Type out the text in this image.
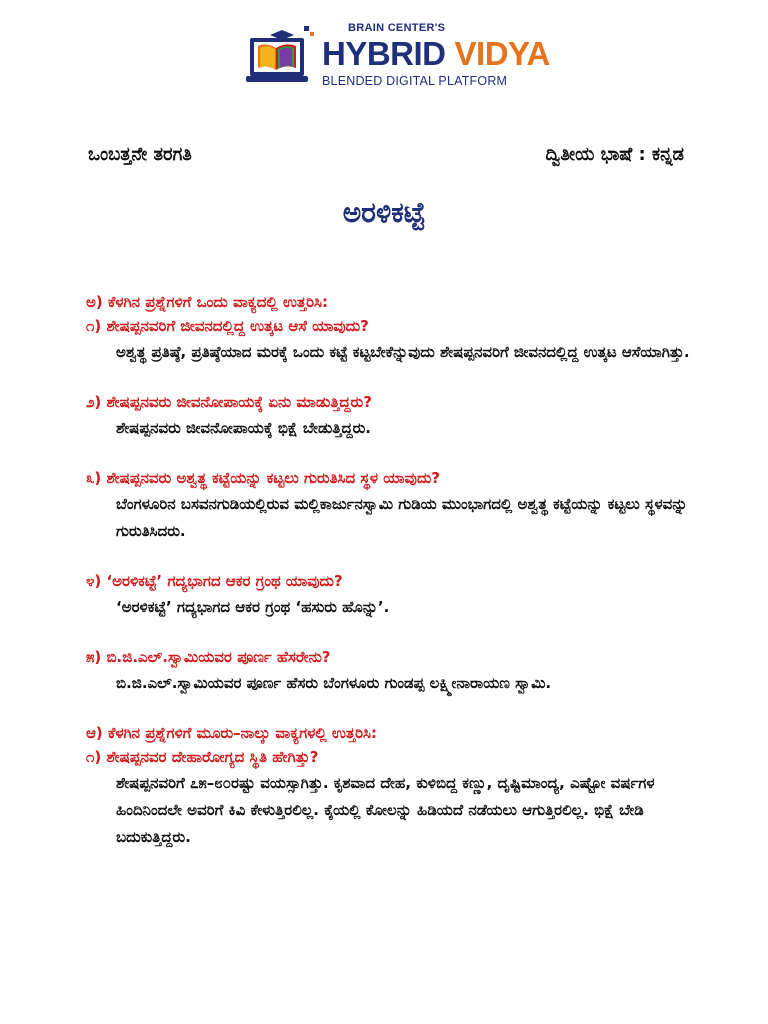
BRAIN CENTER'S
HYBRID VIDYA
BLENDED DIGITAL PLATFORM
ಒಂಬತ್ತನೇ ತರಗತಿ	ದ್ವಿತೀಯ ಭಾಷೆ : ಕನ್ನಡ
ಅರಳಿಕಟ್ಟೆ
ಅ) ಕೆಳಗಿನ ಪ್ರಶ್ನೆಗಳಿಗೆ ಒಂದು ವಾಕ್ಯದಲ್ಲಿ ಉತ್ತರಿಸಿ:
೧) ಶೇಷಪ್ಪನವರಿಗೆ ಜೀವನದಲ್ಲಿದ್ದ ಉತ್ಕಟ ಆಸೆ ಯಾವುದು?
ಅಶ್ವತ್ಥ ಪ್ರತಿಷ್ಠೆ, ಪ್ರತಿಷ್ಠೆಯಾದ ಮರಕ್ಕೆ ಒಂದು ಕಟ್ಟೆ ಕಟ್ಟಬೇಕೆನ್ನುವುದು ಶೇಷಪ್ಪನವರಿಗೆ ಜೀವನದಲ್ಲಿದ್ದ ಉತ್ಕಟ ಆಸೆಯಾಗಿತ್ತು.
೨) ಶೇಷಪ್ಪನವರು ಜೀವನೋಪಾಯಕ್ಕೆ ಏನು ಮಾಡುತ್ತಿದ್ದರು?
ಶೇಷಪ್ಪನವರು ಜೀವನೋಪಾಯಕ್ಕೆ ಭಿಕ್ಷೆ ಬೇಡುತ್ತಿದ್ದರು.
೩) ಶೇಷಪ್ಪನವರು ಅಶ್ವತ್ಥ ಕಟ್ಟೆಯನ್ನು ಕಟ್ಟಲು ಗುರುತಿಸಿದ ಸ್ಥಳ ಯಾವುದು?
ಬೆಂಗಳೂರಿನ ಬಸವನಗುಡಿಯಲ್ಲಿರುವ ಮಲ್ಲಿಕಾರ್ಜುನಸ್ವಾಮಿ ಗುಡಿಯ ಮುಂಭಾಗದಲ್ಲಿ ಅಶ್ವತ್ಥ ಕಟ್ಟೆಯನ್ನು ಕಟ್ಟಲು ಸ್ಥಳವನ್ನು ಗುರುತಿಸಿದರು.
೪) ‘ಅರಳಿಕಟ್ಟೆ’ ಗದ್ಯಭಾಗದ ಆಕರ ಗ್ರಂಥ ಯಾವುದು?
‘ಅರಳಿಕಟ್ಟೆ’ ಗದ್ಯಭಾಗದ ಆಕರ ಗ್ರಂಥ ‘ಹಸುರು ಹೊನ್ನು’.
೫) ಬಿ.ಜಿ.ಎಲ್.ಸ್ವಾಮಿಯವರ ಪೂರ್ಣ ಹೆಸರೇನು?
ಬಿ.ಜಿ.ಎಲ್.ಸ್ವಾಮಿಯವರ ಪೂರ್ಣ ಹೆಸರು ಬೆಂಗಳೂರು ಗುಂಡಪ್ಪ ಲಕ್ಷ್ಮೀನಾರಾಯಣ ಸ್ವಾಮಿ.
ಆ) ಕೆಳಗಿನ ಪ್ರಶ್ನೆಗಳಿಗೆ ಮೂರು–ನಾಲ್ಕು ವಾಕ್ಯಗಳಲ್ಲಿ ಉತ್ತರಿಸಿ:
೧) ಶೇಷಪ್ಪನವರ ದೇಹಾರೋಗ್ಯದ ಸ್ಥಿತಿ ಹೇಗಿತ್ತು?
ಶೇಷಪ್ಪನವರಿಗೆ ೭೫–೮೦ರಷ್ಟು ವಯಸ್ಸಾಗಿತ್ತು. ಕೃಶವಾದ ದೇಹ, ಕುಳಿಬಿದ್ದ ಕಣ್ಣು, ದೃಷ್ಟಿಮಾಂದ್ಯ, ಎಷ್ಟೋ ವರ್ಷಗಳ ಹಿಂದಿನಿಂದಲೇ ಅವರಿಗೆ ಕಿವಿ ಕೇಳುತ್ತಿರಲಿಲ್ಲ. ಕೈಯಲ್ಲಿ ಕೋಲನ್ನು ಹಿಡಿಯದೆ ನಡೆಯಲು ಆಗುತ್ತಿರಲಿಲ್ಲ. ಭಿಕ್ಷೆ ಬೇಡಿ ಬದುಕುತ್ತಿದ್ದರು.
